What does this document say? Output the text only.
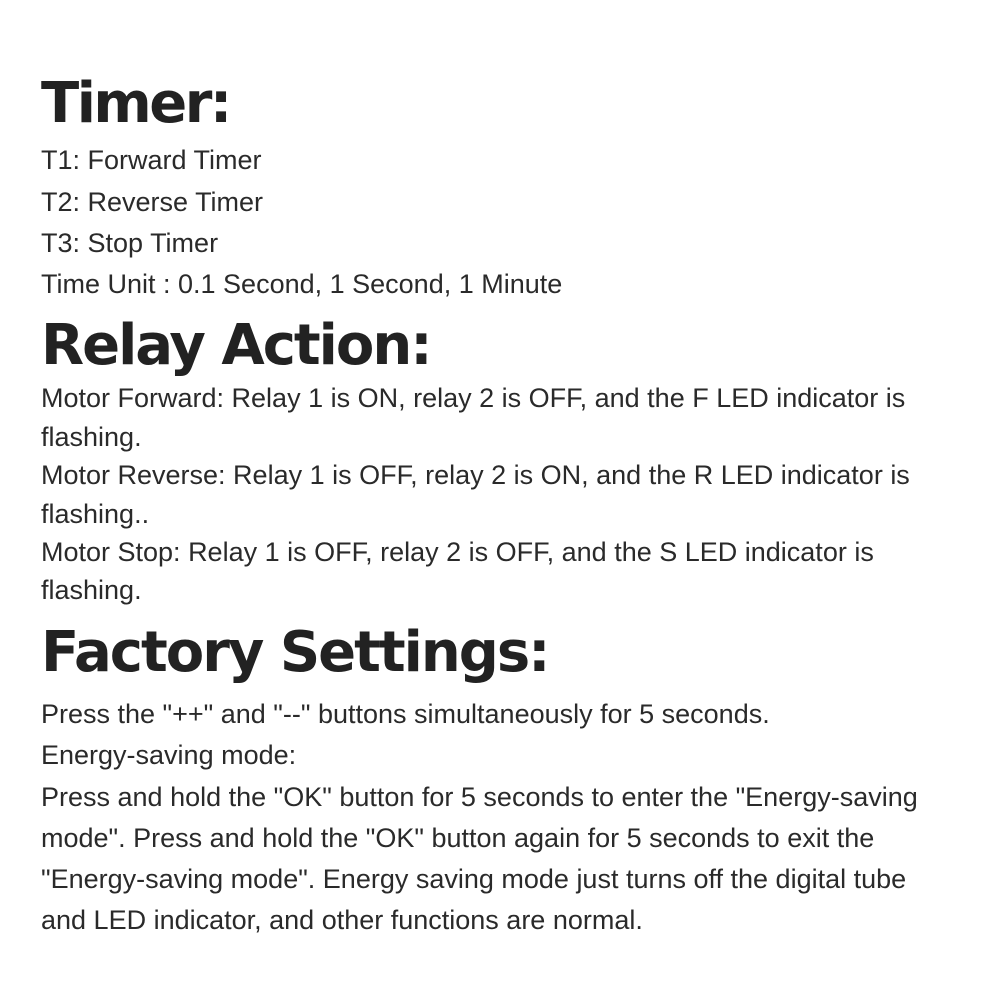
Timer:

T1: Forward Timer

T2: Reverse Timer

T3: Stop Timer

Time Unit : 0.1 Second, 1 Second, 1 Minute

Relay Action:

Motor Forward: Relay 1 is ON, relay 2 is OFF, and the F LED indicator is

flashing.

Motor Reverse: Relay 1 is OFF, relay 2 is ON, and the R LED indicator is

flashing..

Motor Stop: Relay 1 is OFF, relay 2 is OFF, and the S LED indicator is

flashing.

Factory Settings:

Press the "++" and "--" buttons simultaneously for 5 seconds.

Energy-saving mode:

Press and hold the "OK" button for 5 seconds to enter the "Energy-saving

mode". Press and hold the "OK" button again for 5 seconds to exit the

"Energy-saving mode". Energy saving mode just turns off the digital tube

and LED indicator, and other functions are normal.
